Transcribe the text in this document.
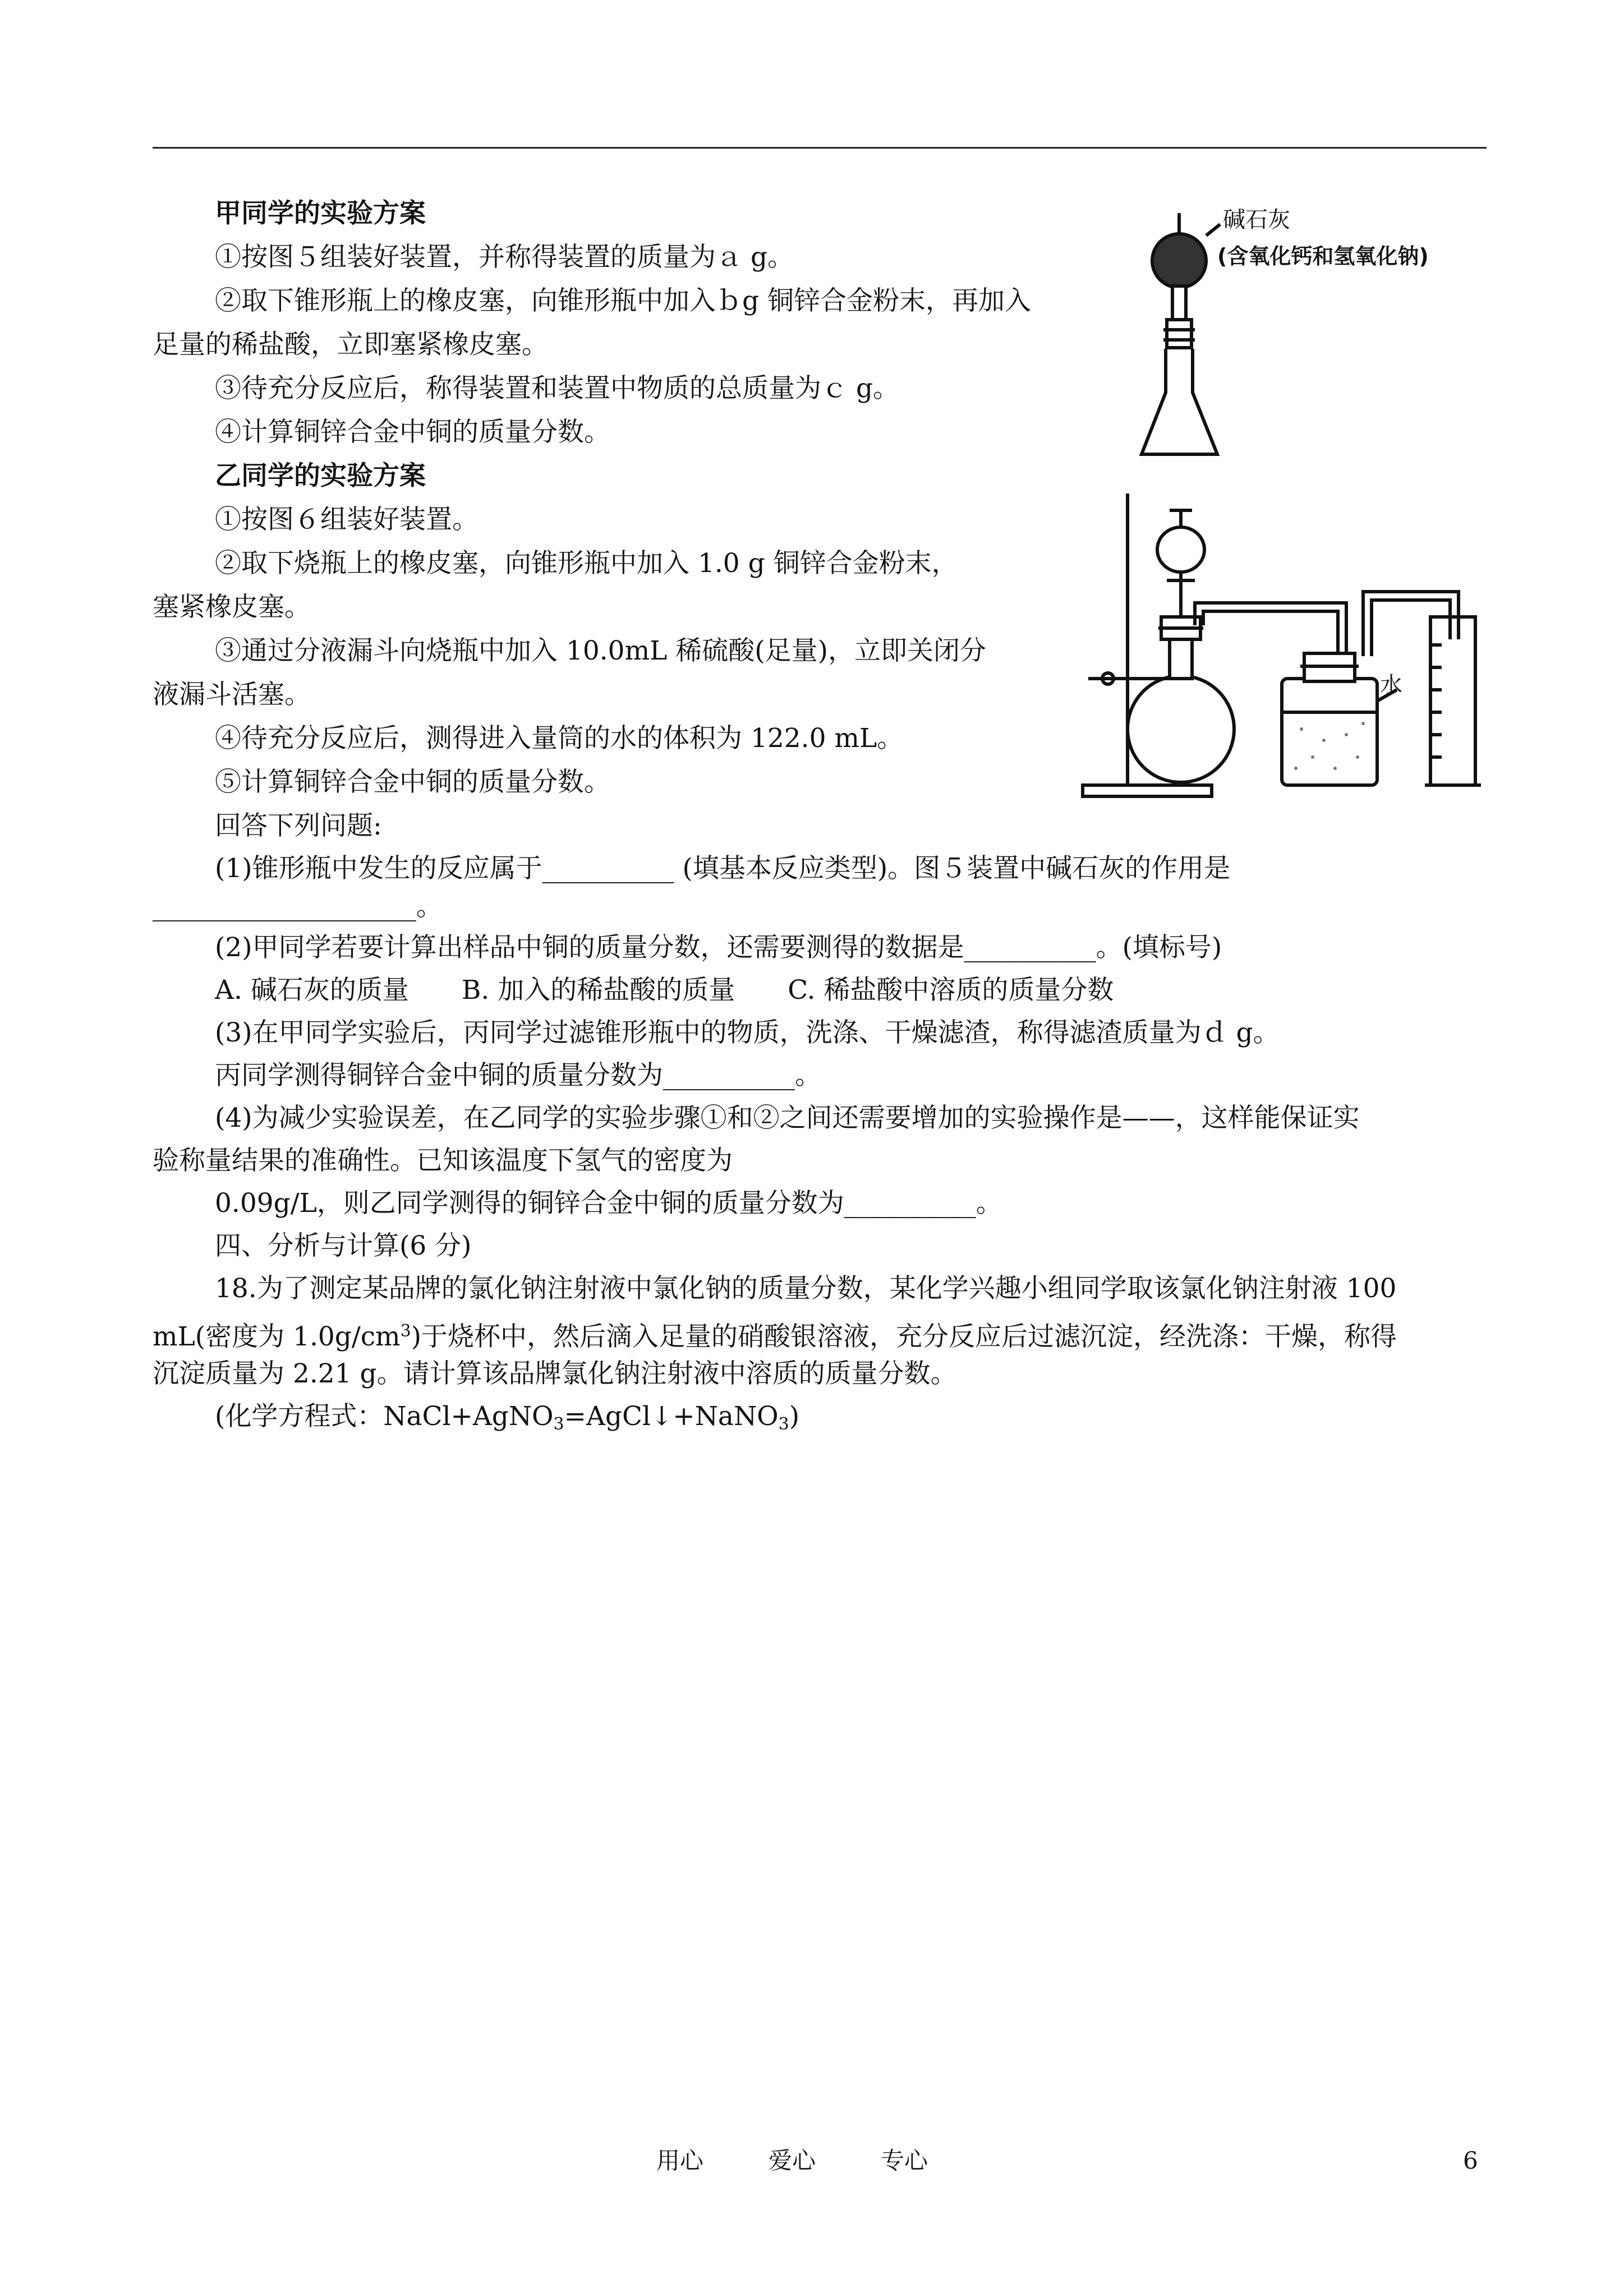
甲同学的实验方案
①按图５组装好装置，并称得装置的质量为ａ g。
②取下锥形瓶上的橡皮塞，向锥形瓶中加入ｂg 铜锌合金粉末，再加入
足量的稀盐酸，立即塞紧橡皮塞。
③待充分反应后，称得装置和装置中物质的总质量为ｃ g。
④计算铜锌合金中铜的质量分数。
碱石灰
(含氧化钙和氢氧化钠)
乙同学的实验方案
①按图６组装好装置。
②取下烧瓶上的橡皮塞，向锥形瓶中加入 1.0 g 铜锌合金粉末，
塞紧橡皮塞。
③通过分液漏斗向烧瓶中加入 10.0mL 稀硫酸(足量)，立即关闭分
液漏斗活塞。
④待充分反应后，测得进入量筒的水的体积为 122.0 mL。
⑤计算铜锌合金中铜的质量分数。
水
回答下列问题:
(1)锥形瓶中发生的反应属于__________ (填基本反应类型)。图５装置中碱石灰的作用是
____________________。
(2)甲同学若要计算出样品中铜的质量分数，还需要测得的数据是__________。(填标号)
A. 碱石灰的质量　　B. 加入的稀盐酸的质量　　C. 稀盐酸中溶质的质量分数
(3)在甲同学实验后，丙同学过滤锥形瓶中的物质，洗涤、干燥滤渣，称得滤渣质量为ｄ g。
丙同学测得铜锌合金中铜的质量分数为__________。
(4)为减少实验误差，在乙同学的实验步骤①和②之间还需要增加的实验操作是——，这样能保证实
验称量结果的准确性。已知该温度下氢气的密度为
0.09g/L，则乙同学测得的铜锌合金中铜的质量分数为__________。
四、分析与计算(6 分)
18.为了测定某品牌的氯化钠注射液中氯化钠的质量分数，某化学兴趣小组同学取该氯化钠注射液 100
mL(密度为 $1.0g/cm^3$)于烧杯中，然后滴入足量的硝酸银溶液，充分反应后过滤沉淀，经洗涤：干燥，称得
沉淀质量为 2.21 g。请计算该品牌氯化钠注射液中溶质的质量分数。
(化学方程式：NaCl+AgNO$_3$=AgCl↓+NaNO$_3$)
用心	爱心	专心	6
